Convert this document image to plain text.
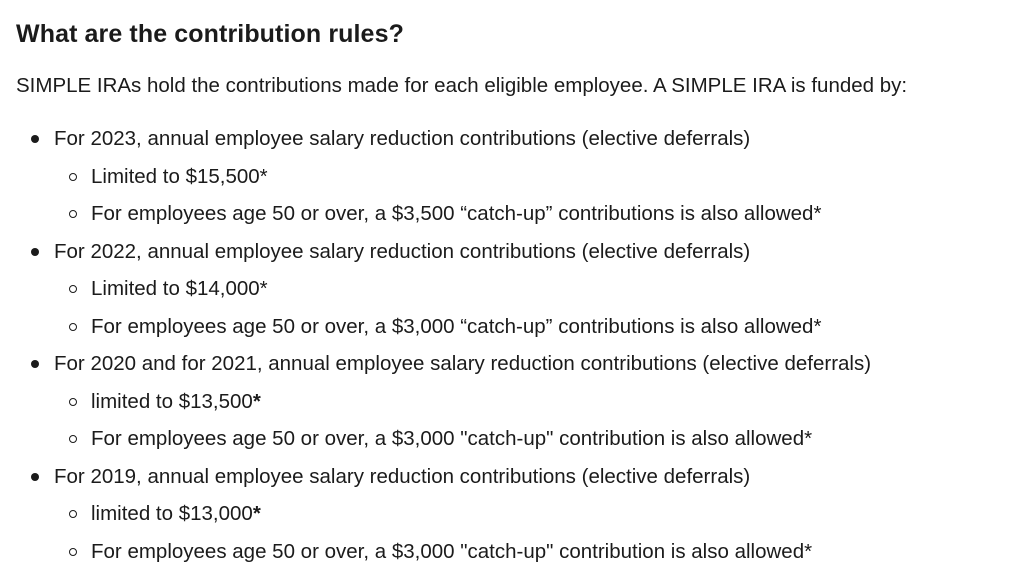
What are the contribution rules?

SIMPLE IRAs hold the contributions made for each eligible employee. A SIMPLE IRA is funded by:

For 2023, annual employee salary reduction contributions (elective deferrals)
Limited to $15,500*
For employees age 50 or over, a $3,500 “catch-up” contributions is also allowed*
For 2022, annual employee salary reduction contributions (elective deferrals)
Limited to $14,000*
For employees age 50 or over, a $3,000 “catch-up” contributions is also allowed*
For 2020 and for 2021, annual employee salary reduction contributions (elective deferrals)
limited to $13,500*
For employees age 50 or over, a $3,000 "catch-up" contribution is also allowed*
For 2019, annual employee salary reduction contributions (elective deferrals)
limited to $13,000*
For employees age 50 or over, a $3,000 "catch-up" contribution is also allowed*
